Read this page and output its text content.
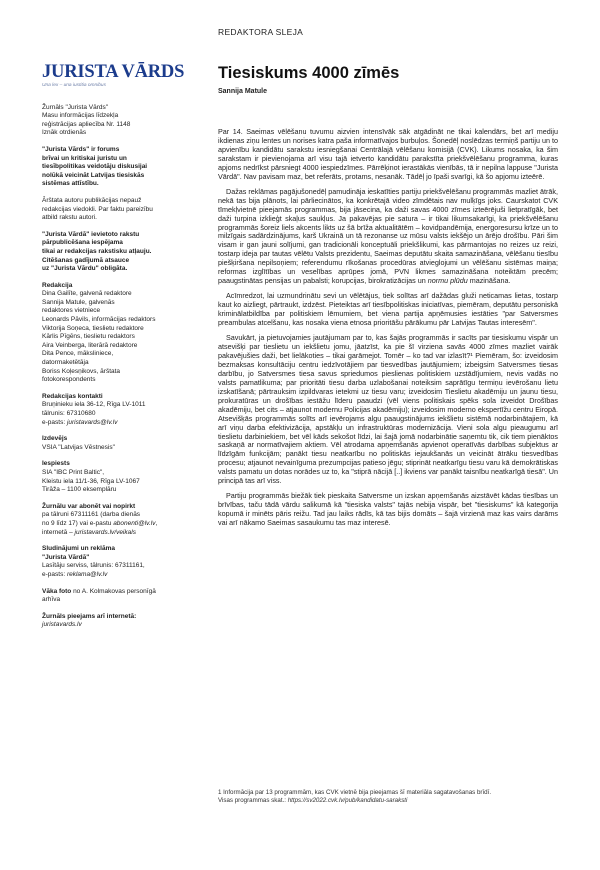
REDAKTORA SLEJA
JURISTA VĀRDS
Una lex – una iustitia omnibus
Žurnāls "Jurista Vārds"
Masu informācijas līdzekļa
reģistrācijas apliecība Nr. 1148
Iznāk otrdienās
"Jurista Vārds" ir forums
brīvai un kritiskai juristu un
tiesībpolitikas veidotāju diskusijai
nolūkā veicināt Latvijas tiesiskās
sistēmas attīstību.
Ārštata autoru publikācijas nepauž
redakcijas viedokli. Par faktu pareizību
atbild rakstu autori.
"Jurista Vārdā" ievietoto rakstu
pārpublicēšana iespējama
tikai ar redakcijas rakstisku atļauju.
Citēšanas gadījumā atsauce
uz "Jurista Vārdu" obligāta.
Redakcija
Dina Gailīte, galvenā redaktore
Sannija Matule, galvenās
redaktores vietniece
Leonards Pāvils, informācijas redaktors
Viktorija Soņeca, tieslietu redaktore
Kārlis Pīgēns, tieslietu redaktors
Aira Veinberga, literārā redaktore
Dita Pence, māksliniece,
datormaketētāja
Boriss Koļesņikovs, ārštata
fotokorespondents
Redakcijas kontakti
Bruņinieku iela 36-12, Rīga LV-1011
tālrunis: 67310680
e-pasts: juristavards@lv.lv
Izdevējs
VSIA "Latvijas Vēstnesis"
Iespiests
SIA "IBC Print Baltic",
Kleistu iela 11/1-36, Rīga LV-1067
Tirāža – 1100 eksemplāru
Žurnālu var abonēt vai nopirkt
pa tālruni 67311161 (darba dienās
no 9 līdz 17) vai e-pastu abonenti@lv.lv,
internetā – juristavards.lv/veikals
Sludinājumi un reklāma
"Jurista Vārdā"
Lasītāju serviss, tālrunis: 67311161,
e-pasts: reklama@lv.lv
Vāka foto no A. Kolmakovas personīgā
arhīva
Žurnāls pieejams arī internetā:
juristavards.lv
Tiesiskums 4000 zīmēs
Sannija Matule

Par 14. Saeimas vēlēšanu tuvumu aizvien intensīvāk sāk atgādināt ne tikai kalendārs, bet arī mediju ikdienas ziņu lentes un norises katra paša informatīvajos burbuļos. Šonedēļ noslēdzas termiņš partiju un to apvienību kandidātu sarakstu iesniegšanai Centrālajā vēlēšanu komisijā (CVK). Likums nosaka, ka šim sarakstam ir pievienojama arī visu tajā ietverto kandidātu parakstīta priekšvēlēšanu programma, kuras apjoms nedrīkst pārsniegt 4000 iespiedzīmes. Pārrēķinot ierastākās vienībās, tā ir nepilna lappuse "Jurista Vārdā". Nav pavisam maz, bet referāts, protams, nesanāk. Tādēļ jo īpaši svarīgi, kā šo apjomu izteērē.

Dažas reklāmas pagājušonedēļ pamudināja ieskatīties partiju priekšvēlēšanu programmās mazliet ātrāk, nekā tas bija plānots, lai pārliecinātos, ka konkrētajā video zīmdētais nav mulķīgs joks. Caurskatot CVK tīmekļvietnē pieejamās programmas, bija jāsecina, ka daži savas 4000 zīmes izteērējuši lietpratīgāk, bet daži turpina izklieģt skaļus saukļus. Ja pakavējas pie satura – ir tikai likumsakarīgi, ka priekšvēlēšanu programmās šoreiz liels akcents likts uz šā brīža aktualitātēm – kovidpandēmija, energoresursu krīze un to milzīgais sadārdzinājums, karš Ukrainā un tā rezonanse uz mūsu valsts iekšējo un ārējo drošību. Pāri šim visam ir gan jauni solījumi, gan tradicionāli konceptuāli priekšlikumi, kas pārmantojas no reizes uz reizi, tostarp ideja par tautas vēlētu Valsts prezidentu, Saeimas deputātu skaita samazināšana, vēlēšanu tiesību piešķiršana nepilsoņiem; referendumu rīkošanas procedūras atvieglojumi un vēlēšanu sistēmas maiņa; reformas izglītības un veselības aprūpes jomā, PVN likmes samazināšana noteiktām precēm; paaugstinātas pensijas un pabalsti; korupcijas, birokratizācijas un normu plūdu mazināšana.

Acīmredzot, lai uzmundrinātu sevi un vēlētājus, tiek solītas arī dažādas gluži neticamas lietas, tostarp kaut ko aizliegt, pārtraukt, izdzēst. Pieteiktas arī tiesībpolitiskas iniciatīvas, piemēram, deputātu personiskā kriminālatbildība par politiskiem lēmumiem, bet viena partija apņēmusies iestāties "par Satversmes preambulas atcelšanu, kas nosaka viena etnosa prioritāšu pārākumu pār Latvijas Tautas interesēm".

Savukārt, ja pietuvojamies jautājumam par to, kas šajās programmās ir sacīts par tiesiskumu vispār un atsevišķi par tieslietu un iekšlietu jomu, jāatzīst, ka pie šī virziena savās 4000 zīmes mazliet vairāk pakavējušies daži, bet lielākoties – tikai garāmejot. Tomēr – ko tad var izlasīt?¹ Piemēram, šo: izveidosim bezmaksas konsultāciju centru iedzīvotājiem par tiesvedības jautājumiem; izbeigsim Satversmes tiesas darbību, jo Satversmes tiesa savus spriedumos pieslienas politiskiem uzstādījumiem, nevis vadās no valsts pamatlikuma; par prioritāti tiesu darba uzlabošanai noteiksim saprātīgu termiņu ievērošanu lietu izskatīšanā; pārtrauksim izpildvaras ietekmi uz tiesu varu; izveidosim Tieslietu akadēmiju un jaunu tiesu, prokuratūras un drošības iestāžu līderu paaudzi (vēl viens politiskais spēks sola izveidot Drošības akadēmiju, bet cits – atjaunot modernu Policijas akadēmiju); izveidosim moderno ekspertīžu centru Eiropā. Atsevišķās programmās solīts arī ievērojams algu paaugstinājums iekšlietu sistēmā nodarbinātajiem, kā arī viņu darba efektivizācija, apstākļu un infrastruktūras modernizācija. Vieni sola algu pieaugumu arī tieslietu darbiniekiem, bet vēl kāds sekošot līdzi, lai šajā jomā nodarbinātie saņemtu tik, cik tiem pienāktos saskaņā ar normatīvajiem aktiem. Vēl atrodama apņemšanās apvienot operatīvās darbības subjektus ar līdzīgām funkcijām; panākt tiesu neatkarību no politiskās iejaukšanās un veicināt ātrāku tiesvedības procesu; atjaunot nevainīguma prezumpcijas patieso jēgu; stiprināt neatkarīgu tiesu varu kā demokrātiskas valsts pamatu un dotas norādes uz to, ka "stiprā nācijā [..] ikviens var panākt taisnību neatkarīgā tiesā". Un principā tas arī viss.

Partiju programmās biežāk tiek pieskaita Satversme un izskan apņemšanās aizstāvēt kādas tiesības un brīvības, taču tādā vārdu salikumā kā "tiesiska valsts" tajās nebija vispār, bet "tiesiskums" kā kategorija kopumā ir minēts pāris reižu. Tad jau laiks rādīs, kā tas bijis domāts – šajā virzienā maz kas vairs darāms vai arī nākamo Saeimas sasaukumu tas maz interesē.

1 Informācija par 13 programmām, kas CVK vietnē bija pieejamas šī materiāla sagatavošanas brīdī.
Visas programmas skat.: https://sv2022.cvk.lv/pub/kandidatu-saraksti
